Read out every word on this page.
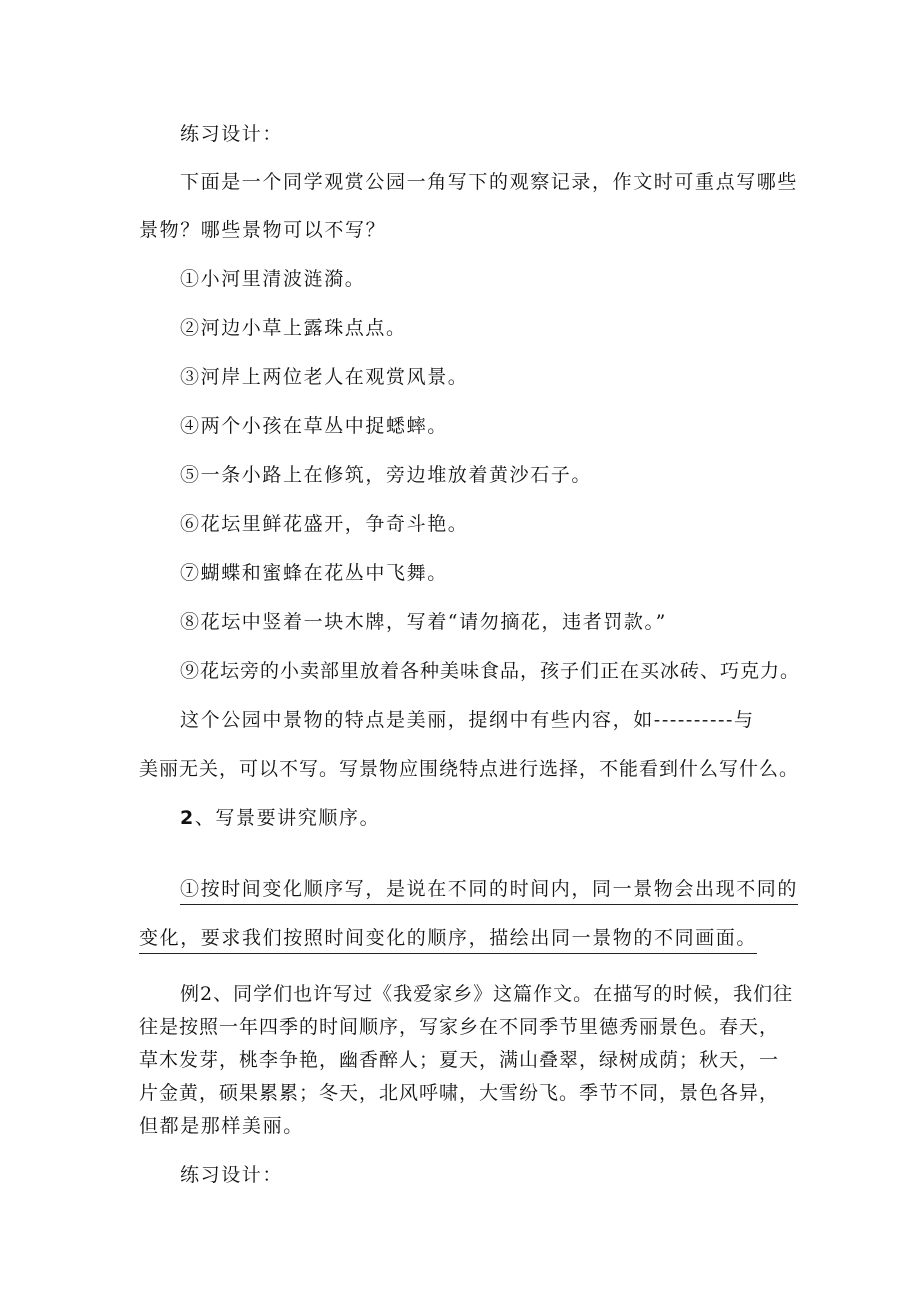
练习设计：
下面是一个同学观赏公园一角写下的观察记录，作文时可重点写哪些
景物？哪些景物可以不写？
①小河里清波涟漪。
②河边小草上露珠点点。
③河岸上两位老人在观赏风景。
④两个小孩在草丛中捉蟋蟀。
⑤一条小路上在修筑，旁边堆放着黄沙石子。
⑥花坛里鲜花盛开，争奇斗艳。
⑦蝴蝶和蜜蜂在花丛中飞舞。
⑧花坛中竖着一块木牌，写着“请勿摘花，违者罚款。”
⑨花坛旁的小卖部里放着各种美味食品，孩子们正在买冰砖、巧克力。
这个公园中景物的特点是美丽，提纲中有些内容，如----------与
美丽无关，可以不写。写景物应围绕特点进行选择，不能看到什么写什么。
2、写景要讲究顺序。
①按时间变化顺序写，是说在不同的时间内，同一景物会出现不同的
变化，要求我们按照时间变化的顺序，描绘出同一景物的不同画面。
例2、同学们也许写过《我爱家乡》这篇作文。在描写的时候，我们往
往是按照一年四季的时间顺序，写家乡在不同季节里德秀丽景色。春天，
草木发芽，桃李争艳，幽香醉人；夏天，满山叠翠，绿树成荫；秋天，一
片金黄，硕果累累；冬天，北风呼啸，大雪纷飞。季节不同，景色各异，
但都是那样美丽。
练习设计：
